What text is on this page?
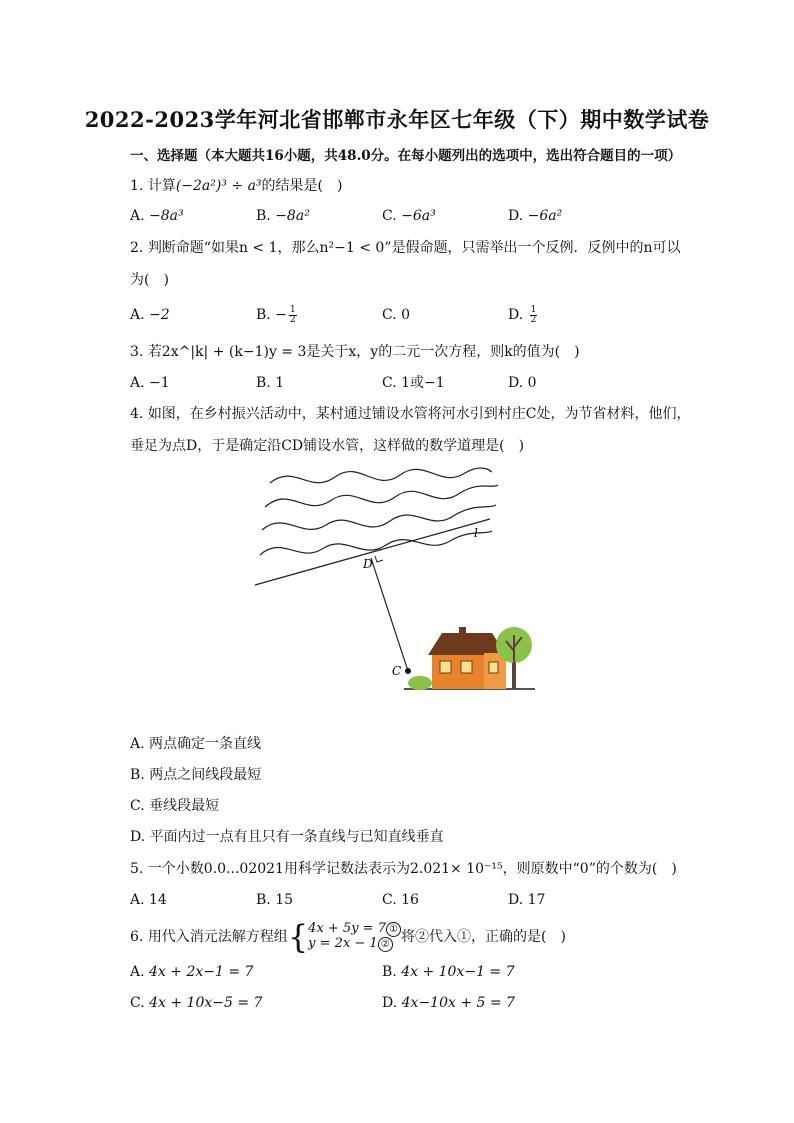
2022-2023学年河北省邯郸市永年区七年级（下）期中数学试卷
一、选择题（本大题共16小题，共48.0分。在每小题列出的选项中，选出符合题目的一项）
1. 计算(−2a²)³ ÷ a³的结果是(　)
A. −8a³	B. −8a²	C. −6a³	D. −6a²
2. 判断命题“如果n < 1，那么n²−1 < 0”是假命题，只需举出一个反例．反例中的n可以
为(　)
A. −2	B. − $\frac{1}{2}$	C. 0	D. $\frac{1}{2}$
3. 若2x^|k| + (k−1)y = 3是关于x，y的二元一次方程，则k的值为(　)
A. −1	B. 1	C. 1或−1	D. 0
4. 如图，在乡村振兴活动中，某村通过铺设水管将河水引到村庄C处，为节省材料，他们，
垂足为点D，于是确定沿CD铺设水管，这样做的数学道理是(　)
l
D
C
A. 两点确定一条直线
B. 两点之间线段最短
C. 垂线段最短
D. 平面内过一点有且只有一条直线与已知直线垂直
5. 一个小数0.0...02021用科学记数法表示为2.021× 10⁻¹⁵，则原数中“0”的个数为(　)
A. 14	B. 15	C. 16	D. 17
6. 用代入消元法解方程组{4x + 5y = 7 ①
y = 2x − 1 ② 将②代入①，正确的是(　)
A. 4x + 2x−1 = 7	B. 4x + 10x−1 = 7
C. 4x + 10x−5 = 7	D. 4x−10x + 5 = 7
